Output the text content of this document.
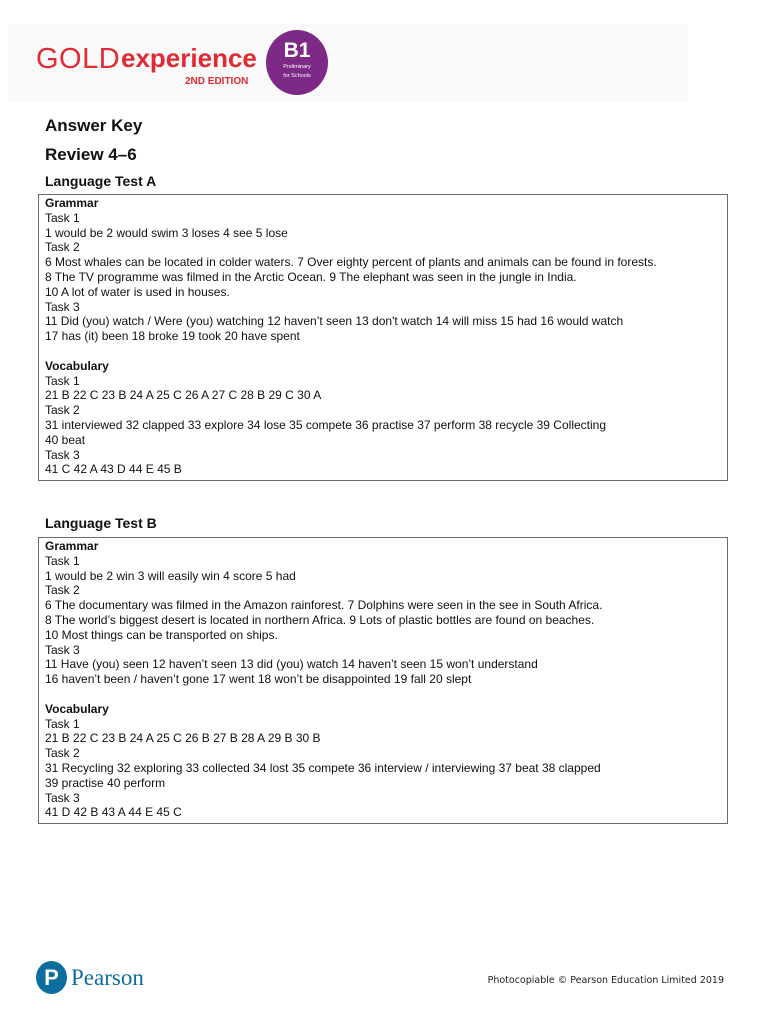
GOLD experience
2ND EDITION
B1
Preliminary
for Schools
Answer Key
Review 4–6
Language Test A
Grammar
Task 1
1 would be 2 would swim 3 loses 4 see 5 lose
Task 2
6 Most whales can be located in colder waters. 7 Over eighty percent of plants and animals can be found in forests.
8 The TV programme was filmed in the Arctic Ocean. 9 The elephant was seen in the jungle in India.
10 A lot of water is used in houses.
Task 3
11 Did (you) watch / Were (you) watching 12 haven’t seen 13 don't watch 14 will miss 15 had 16 would watch
17 has (it) been 18 broke 19 took 20 have spent
Vocabulary
Task 1
21 B 22 C 23 B 24 A 25 C 26 A 27 C 28 B 29 C 30 A
Task 2
31 interviewed 32 clapped 33 explore 34 lose 35 compete 36 practise 37 perform 38 recycle 39 Collecting
40 beat
Task 3
41 C 42 A 43 D 44 E 45 B
Language Test B
Grammar
Task 1
1 would be 2 win 3 will easily win 4 score 5 had
Task 2
6 The documentary was filmed in the Amazon rainforest. 7 Dolphins were seen in the see in South Africa.
8 The world’s biggest desert is located in northern Africa. 9 Lots of plastic bottles are found on beaches.
10 Most things can be transported on ships.
Task 3
11 Have (you) seen 12 haven’t seen 13 did (you) watch 14 haven’t seen 15 won’t understand
16 haven’t been / haven’t gone 17 went 18 won’t be disappointed 19 fall 20 slept
Vocabulary
Task 1
21 B 22 C 23 B 24 A 25 C 26 B 27 B 28 A 29 B 30 B
Task 2
31 Recycling 32 exploring 33 collected 34 lost 35 compete 36 interview / interviewing 37 beat 38 clapped
39 practise 40 perform
Task 3
41 D 42 B 43 A 44 E 45 C
P Pearson	Photocopiable © Pearson Education Limited 2019
